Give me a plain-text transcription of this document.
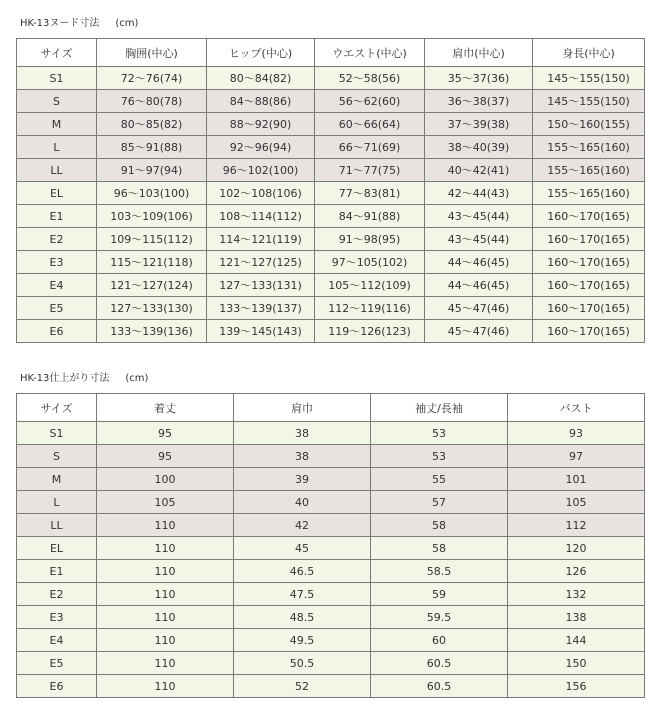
HK-13ヌード寸法 (cm)
サイズ	胸囲(中心)	ヒップ(中心)	ウエスト(中心)	肩巾(中心)	身長(中心)
S1	72～76(74)	80～84(82)	52～58(56)	35～37(36)	145～155(150)
S	76～80(78)	84～88(86)	56～62(60)	36～38(37)	145～155(150)
M	80～85(82)	88～92(90)	60～66(64)	37～39(38)	150～160(155)
L	85～91(88)	92～96(94)	66～71(69)	38～40(39)	155～165(160)
LL	91～97(94)	96～102(100)	71～77(75)	40～42(41)	155～165(160)
EL	96～103(100)	102～108(106)	77～83(81)	42～44(43)	155～165(160)
E1	103～109(106)	108～114(112)	84～91(88)	43～45(44)	160～170(165)
E2	109～115(112)	114～121(119)	91～98(95)	43～45(44)	160～170(165)
E3	115～121(118)	121～127(125)	97～105(102)	44～46(45)	160～170(165)
E4	121～127(124)	127～133(131)	105～112(109)	44～46(45)	160～170(165)
E5	127～133(130)	133～139(137)	112～119(116)	45～47(46)	160～170(165)
E6	133～139(136)	139～145(143)	119～126(123)	45～47(46)	160～170(165)
HK-13仕上がり寸法 (cm)
サイズ	着丈	肩巾	袖丈/長袖	バスト
S1	95	38	53	93
S	95	38	53	97
M	100	39	55	101
L	105	40	57	105
LL	110	42	58	112
EL	110	45	58	120
E1	110	46.5	58.5	126
E2	110	47.5	59	132
E3	110	48.5	59.5	138
E4	110	49.5	60	144
E5	110	50.5	60.5	150
E6	110	52	60.5	156
